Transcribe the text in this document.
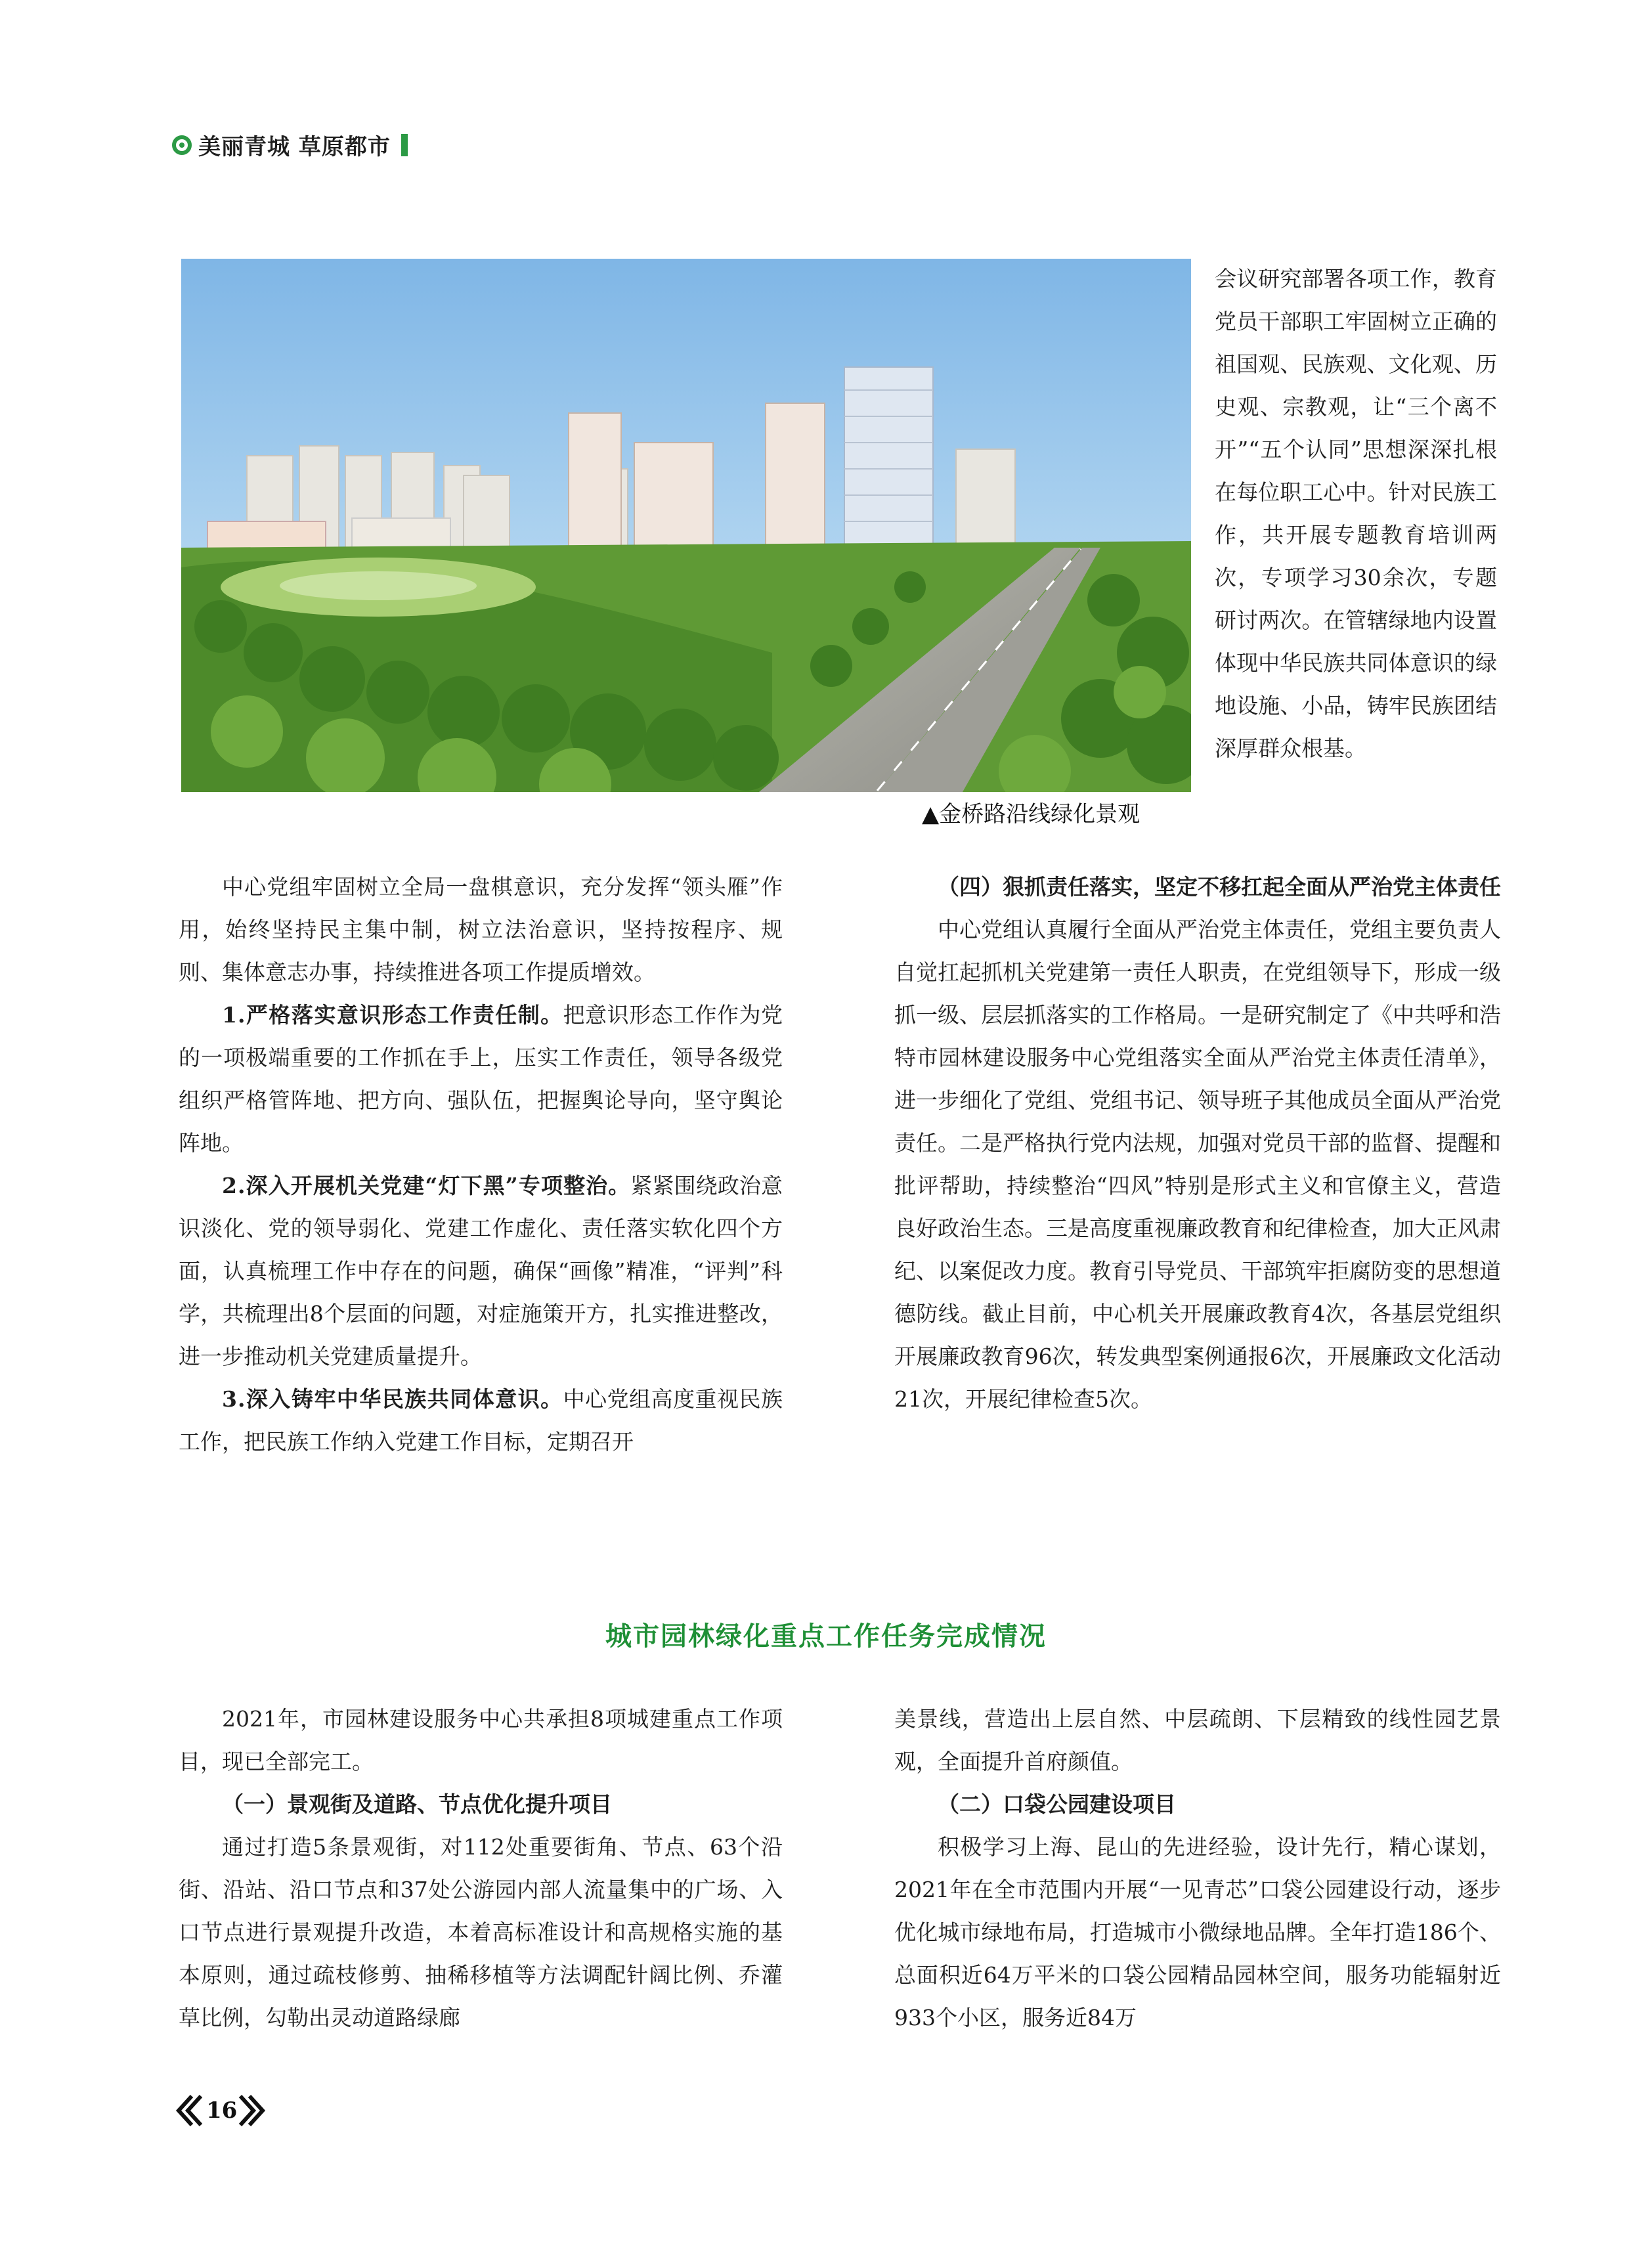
美丽青城 草原都市
▲金桥路沿线绿化景观

会议研究部署各项工作，教育党员干部职工牢固树立正确的祖国观、民族观、文化观、历史观、宗教观，让“三个离不开”“五个认同”思想深深扎根在每位职工心中。针对民族工作，共开展专题教育培训两次，专项学习30余次，专题研讨两次。在管辖绿地内设置体现中华民族共同体意识的绿地设施、小品，铸牢民族团结深厚群众根基。

中心党组牢固树立全局一盘棋意识，充分发挥“领头雁”作用，始终坚持民主集中制，树立法治意识，坚持按程序、规则、集体意志办事，持续推进各项工作提质增效。

1.严格落实意识形态工作责任制。把意识形态工作作为党的一项极端重要的工作抓在手上，压实工作责任，领导各级党组织严格管阵地、把方向、强队伍，把握舆论导向，坚守舆论阵地。

2.深入开展机关党建“灯下黑”专项整治。紧紧围绕政治意识淡化、党的领导弱化、党建工作虚化、责任落实软化四个方面，认真梳理工作中存在的问题，确保“画像”精准，“评判”科学，共梳理出8个层面的问题，对症施策开方，扎实推进整改，进一步推动机关党建质量提升。

3.深入铸牢中华民族共同体意识。中心党组高度重视民族工作，把民族工作纳入党建工作目标，定期召开

（四）狠抓责任落实，坚定不移扛起全面从严治党主体责任

中心党组认真履行全面从严治党主体责任，党组主要负责人自觉扛起抓机关党建第一责任人职责，在党组领导下，形成一级抓一级、层层抓落实的工作格局。一是研究制定了《中共呼和浩特市园林建设服务中心党组落实全面从严治党主体责任清单》，进一步细化了党组、党组书记、领导班子其他成员全面从严治党责任。二是严格执行党内法规，加强对党员干部的监督、提醒和批评帮助，持续整治“四风”特别是形式主义和官僚主义，营造良好政治生态。三是高度重视廉政教育和纪律检查，加大正风肃纪、以案促改力度。教育引导党员、干部筑牢拒腐防变的思想道德防线。截止目前，中心机关开展廉政教育4次，各基层党组织开展廉政教育96次，转发典型案例通报6次，开展廉政文化活动21次，开展纪律检查5次。

城市园林绿化重点工作任务完成情况

2021年，市园林建设服务中心共承担8项城建重点工作项目，现已全部完工。

（一）景观街及道路、节点优化提升项目

通过打造5条景观街，对112处重要街角、节点、63个沿街、沿站、沿口节点和37处公游园内部人流量集中的广场、入口节点进行景观提升改造，本着高标准设计和高规格实施的基本原则，通过疏枝修剪、抽稀移植等方法调配针阔比例、乔灌草比例，勾勒出灵动道路绿廊

美景线，营造出上层自然、中层疏朗、下层精致的线性园艺景观，全面提升首府颜值。

（二）口袋公园建设项目

积极学习上海、昆山的先进经验，设计先行，精心谋划，2021年在全市范围内开展“一见青芯”口袋公园建设行动，逐步优化城市绿地布局，打造城市小微绿地品牌。全年打造186个、总面积近64万平米的口袋公园精品园林空间，服务功能辐射近933个小区，服务近84万

16
